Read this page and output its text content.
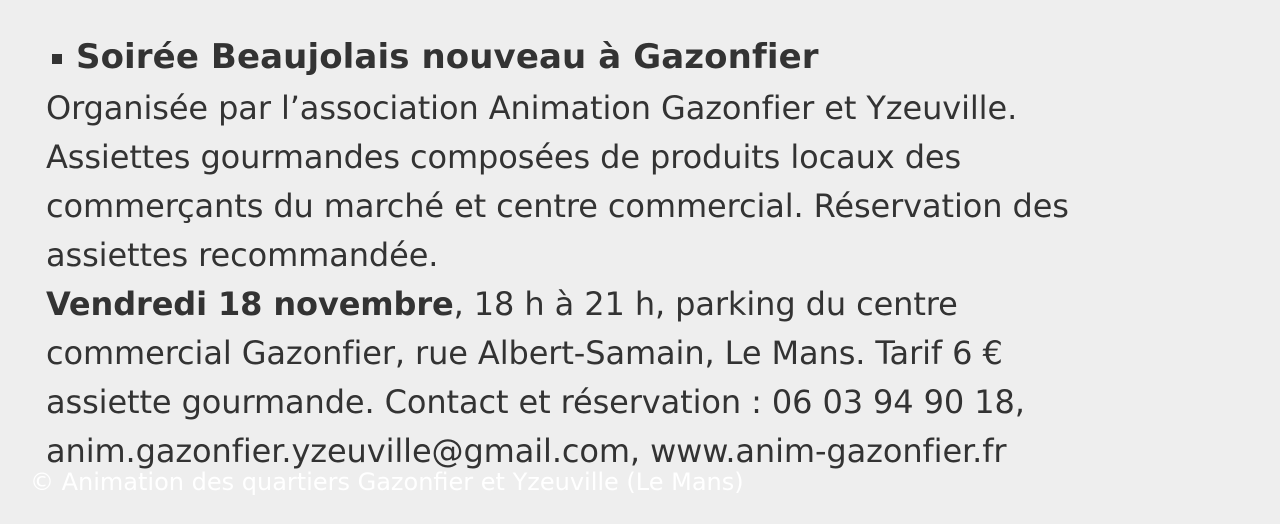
Soirée Beaujolais nouveau à Gazonfier
Organisée par l’association Animation Gazonfier et Yzeuville.
Assiettes gourmandes composées de produits locaux des
commerçants du marché et centre commercial. Réservation des
assiettes recommandée.
Vendredi 18 novembre, 18 h à 21 h, parking du centre
commercial Gazonfier, rue Albert-Samain, Le Mans. Tarif 6 €
assiette gourmande. Contact et réservation : 06 03 94 90 18,
anim.gazonfier.yzeuville@gmail.com, www.anim-gazonfier.fr
© Animation des quartiers Gazonfier et Yzeuville (Le Mans)
